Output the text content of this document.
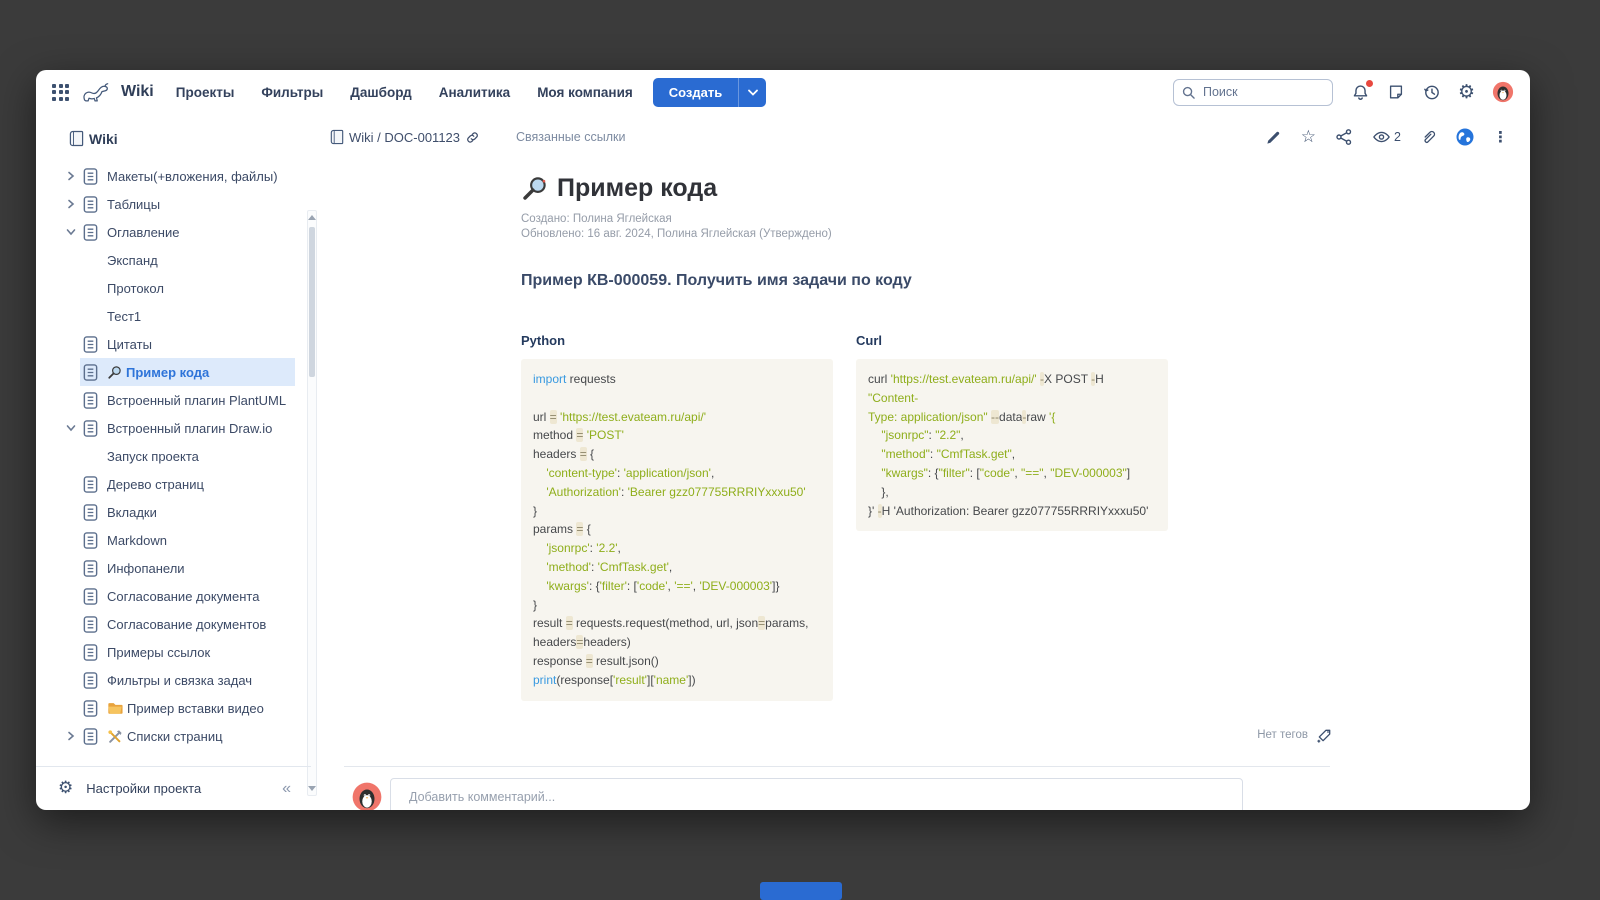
Wiki Проекты Фильтры Дашборд Аналитика Моя компания	Создать
Поиск	⚙
Wiki
Макеты(+вложения, файлы)
Таблицы
Оглавление
Экспанд
Протокол
Тест1
Цитаты
Пример кода
Встроенный плагин PlantUML
Встроенный плагин Draw.io
Запуск проекта
Дерево страниц
Вкладки
Markdown
Инфопанели
Согласование документа
Согласование документов
Примеры ссылок
Фильтры и связка задач
Пример вставки видео
Списки страниц
⚙ Настройки проекта	«
Wiki / DOC-001123	Связанные ссылки	☆	2	⋮
Пример кода
Создано: Полина Яглейская
Обновлено: 16 авг. 2024, Полина Яглейская (Утверждено)
Пример КВ-000059. Получить имя задачи по коду
Python
import requests

url = 'https://test.evateam.ru/api/'
method = 'POST'
headers = {
'content-type': 'application/json',
'Authorization': 'Bearer gzz077755RRRIYxxxu50'
}
params = {
'jsonrpc': '2.2',
'method': 'CmfTask.get',
'kwargs': {'filter': ['code', '==', 'DEV-000003']}
}
result = requests.request(method, url, json=params,
headers=headers)
response = result.json()
print(response['result']['name'])
Curl
curl 'https://test.evateam.ru/api/' -X POST -H "Content-
Type: application/json" --data-raw '{
"jsonrpc": "2.2",
"method": "CmfTask.get",
"kwargs": {"filter": ["code", "==", "DEV-000003"]
},
}' -H 'Authorization: Bearer gzz077755RRRIYxxxu50'
Нет тегов
Добавить комментарий...
